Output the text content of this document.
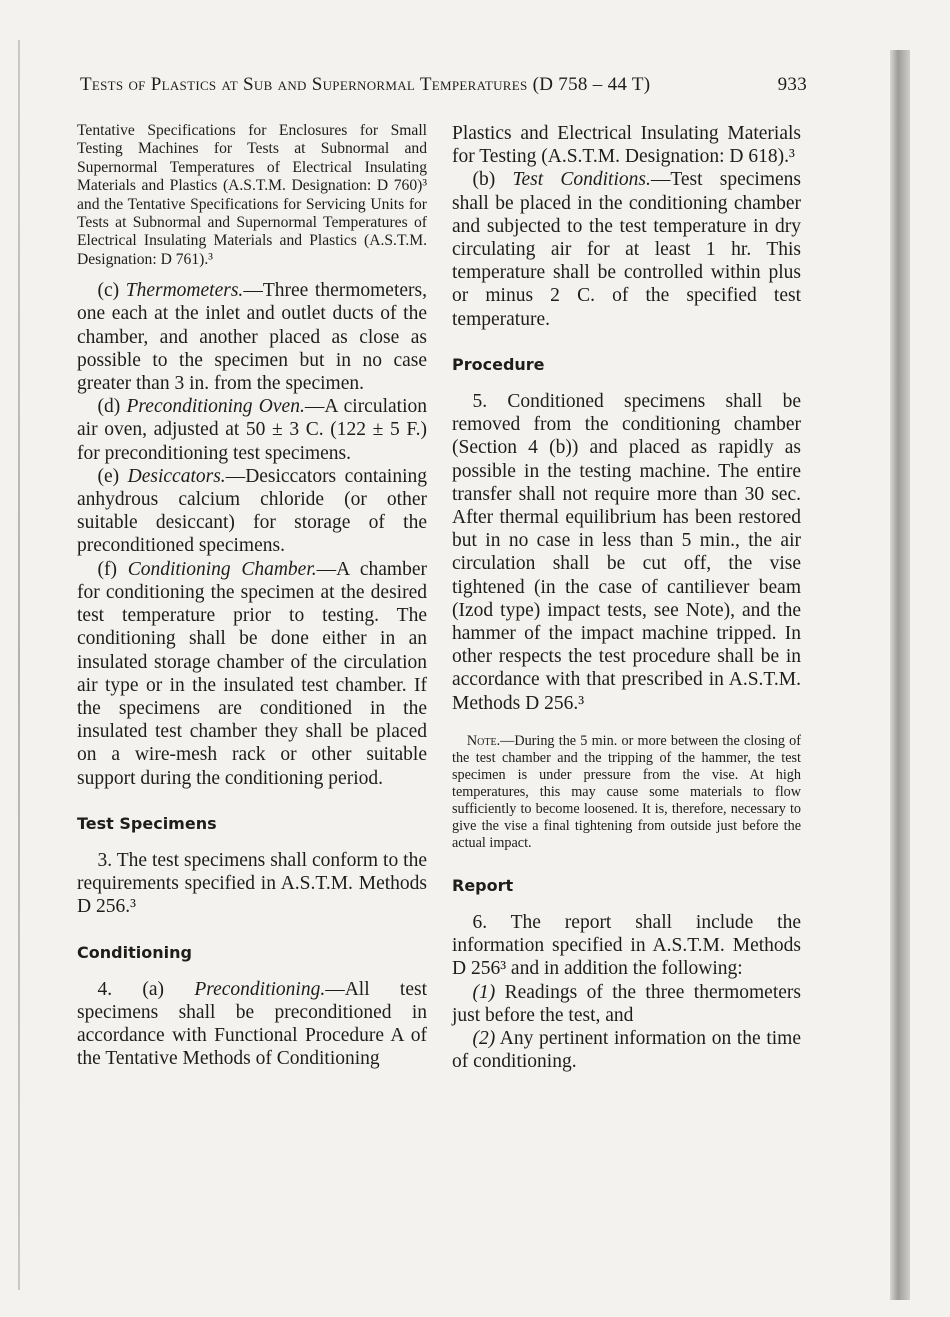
Tests of Plastics at Sub and Supernormal Temperatures (D 758 – 44 T)	933

Tentative Specifications for Enclosures for Small Testing Machines for Tests at Subnormal and Supernormal Temperatures of Electrical Insulating Materials and Plastics (A.S.T.M. Designation: D 760)³ and the Tentative Specifications for Servicing Units for Tests at Subnormal and Supernormal Temperatures of Electrical Insulating Materials and Plastics (A.S.T.M. Designation: D 761).³

(c) Thermometers.—Three thermometers, one each at the inlet and outlet ducts of the chamber, and another placed as close as possible to the specimen but in no case greater than 3 in. from the specimen.

(d) Preconditioning Oven.—A circulation air oven, adjusted at 50 ± 3 C. (122 ± 5 F.) for preconditioning test specimens.

(e) Desiccators.—Desiccators containing anhydrous calcium chloride (or other suitable desiccant) for storage of the preconditioned specimens.

(f) Conditioning Chamber.—A chamber for conditioning the specimen at the desired test temperature prior to testing. The conditioning shall be done either in an insulated storage chamber of the circulation air type or in the insulated test chamber. If the specimens are conditioned in the insulated test chamber they shall be placed on a wire-mesh rack or other suitable support during the conditioning period.

Test Specimens

3. The test specimens shall conform to the requirements specified in A.S.T.M. Methods D 256.³

Conditioning

4. (a) Preconditioning.—All test specimens shall be preconditioned in accordance with Functional Procedure A of the Tentative Methods of Conditioning

Plastics and Electrical Insulating Materials for Testing (A.S.T.M. Designation: D 618).³

(b) Test Conditions.—Test specimens shall be placed in the conditioning chamber and subjected to the test temperature in dry circulating air for at least 1 hr. This temperature shall be controlled within plus or minus 2 C. of the specified test temperature.

Procedure

5. Conditioned specimens shall be removed from the conditioning chamber (Section 4 (b)) and placed as rapidly as possible in the testing machine. The entire transfer shall not require more than 30 sec. After thermal equilibrium has been restored but in no case in less than 5 min., the air circulation shall be cut off, the vise tightened (in the case of cantiliever beam (Izod type) impact tests, see Note), and the hammer of the impact machine tripped. In other respects the test procedure shall be in accordance with that prescribed in A.S.T.M. Methods D 256.³

Note.—During the 5 min. or more between the closing of the test chamber and the tripping of the hammer, the test specimen is under pressure from the vise. At high temperatures, this may cause some materials to flow sufficiently to become loosened. It is, therefore, necessary to give the vise a final tightening from outside just before the actual impact.

Report

6. The report shall include the information specified in A.S.T.M. Methods D 256³ and in addition the following:

(1) Readings of the three thermometers just before the test, and

(2) Any pertinent information on the time of conditioning.
